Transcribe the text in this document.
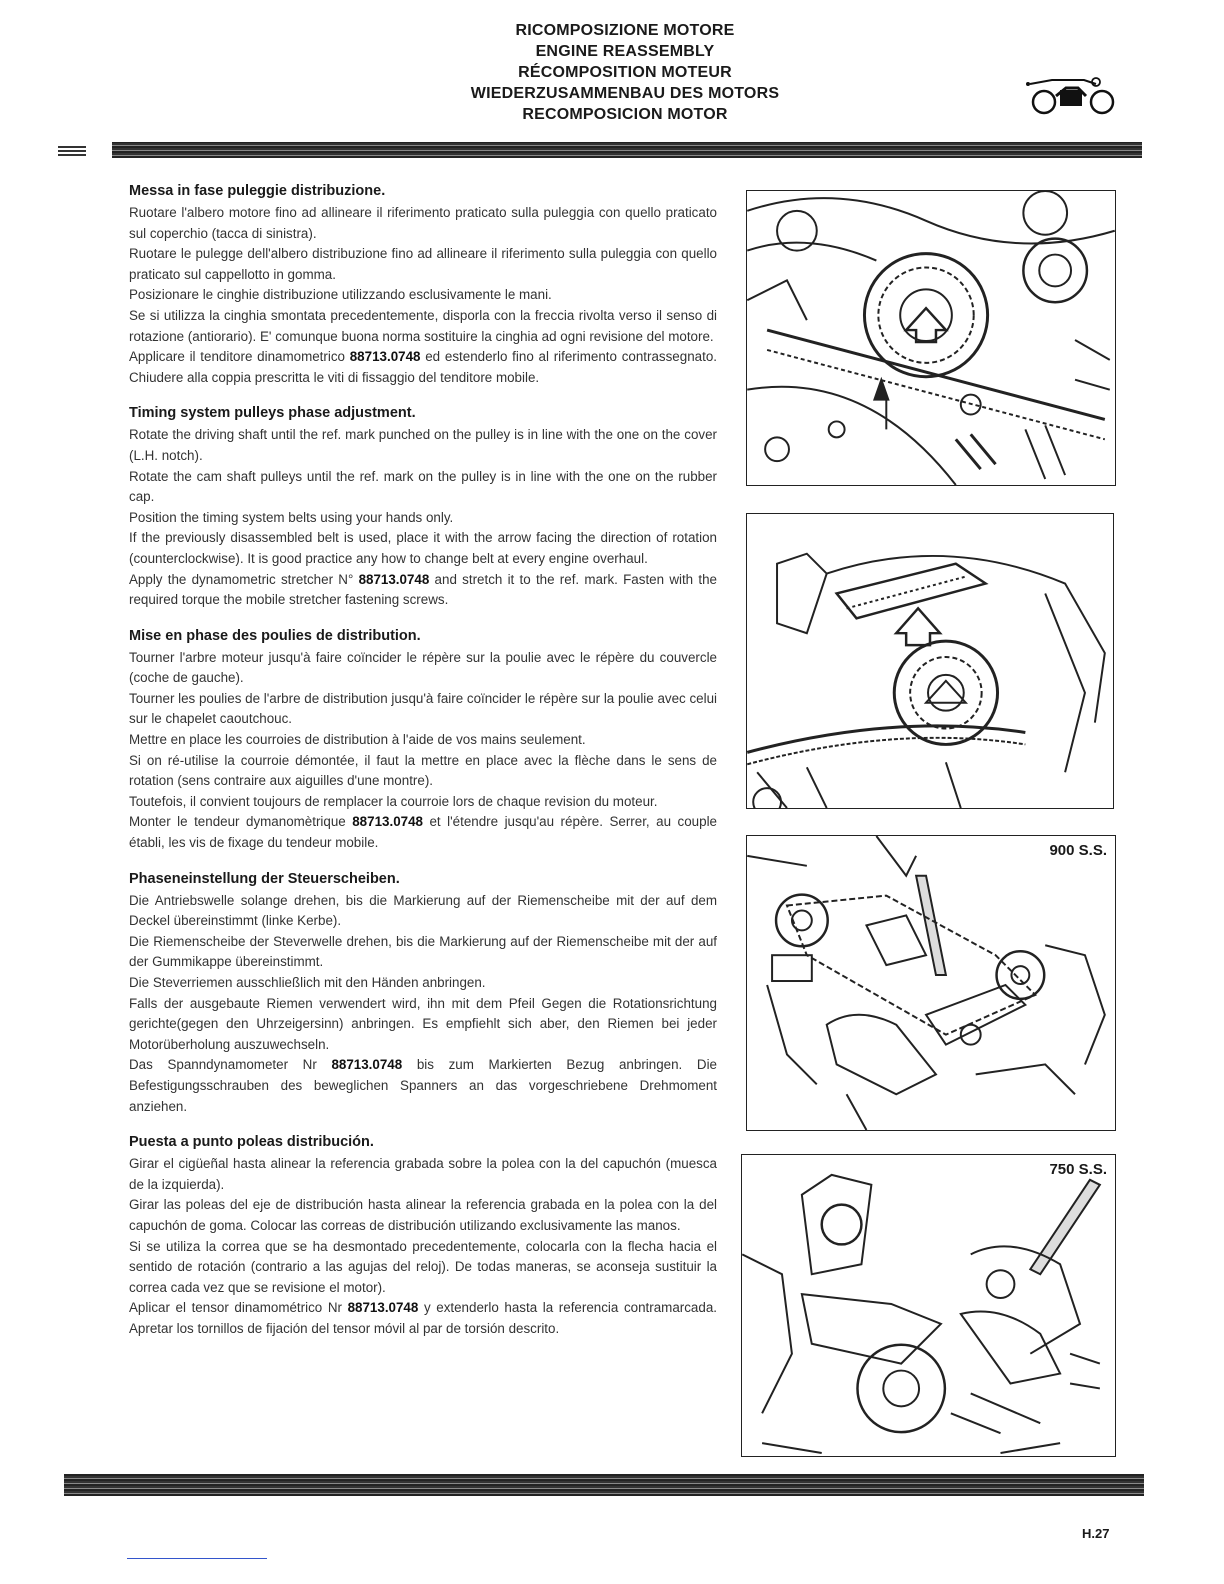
RICOMPOSIZIONE MOTORE
ENGINE REASSEMBLY
RÉCOMPOSITION MOTEUR
WIEDERZUSAMMENBAU DES MOTORS
RECOMPOSICION MOTOR
Messa in fase puleggie distribuzione.

Ruotare l'albero motore fino ad allineare il riferimento praticato sulla puleggia con quello praticato sul coperchio (tacca di sinistra).

Ruotare le pulegge dell'albero distribuzione fino ad allineare il riferimento sulla puleggia con quello praticato sul cappellotto in gomma.

Posizionare le cinghie distribuzione utilizzando esclusivamente le mani.

Se si utilizza la cinghia smontata precedentemente, disporla con la freccia rivolta verso il senso di rotazione (antiorario). E' comunque buona norma sostituire la cinghia ad ogni revisione del motore.

Applicare il tenditore dinamometrico 88713.0748 ed estenderlo fino al riferimento contrassegnato. Chiudere alla coppia prescritta le viti di fissaggio del tenditore mobile.

Timing system pulleys phase adjustment.

Rotate the driving shaft until the ref. mark punched on the pulley is in line with the one on the cover (L.H. notch).

Rotate the cam shaft pulleys until the ref. mark on the pulley is in line with the one on the rubber cap.

Position the timing system belts using your hands only.

If the previously disassembled belt is used, place it with the arrow facing the direction of rotation (counterclockwise). It is good practice any how to change belt at every engine overhaul.

Apply the dynamometric stretcher N° 88713.0748 and stretch it to the ref. mark. Fasten with the required torque the mobile stretcher fastening screws.

Mise en phase des poulies de distribution.

Tourner l'arbre moteur jusqu'à faire coïncider le répère sur la poulie avec le répère du couvercle (coche de gauche).

Tourner les poulies de l'arbre de distribution jusqu'à faire coïncider le répère sur la poulie avec celui sur le chapelet caoutchouc.

Mettre en place les courroies de distribution à l'aide de vos mains seulement.

Si on ré-utilise la courroie démontée, il faut la mettre en place avec la flèche dans le sens de rotation (sens contraire aux aiguilles d'une montre).

Toutefois, il convient toujours de remplacer la courroie lors de chaque revision du moteur.

Monter le tendeur dymanomètrique 88713.0748 et l'étendre jusqu'au répère. Serrer, au couple établi, les vis de fixage du tendeur mobile.

Phaseneinstellung der Steuerscheiben.

Die Antriebswelle solange drehen, bis die Markierung auf der Riemenscheibe mit der auf dem Deckel übereinstimmt (linke Kerbe).

Die Riemenscheibe der Steverwelle drehen, bis die Markierung auf der Riemenscheibe mit der auf der Gummikappe übereinstimmt.

Die Steverriemen ausschließlich mit den Händen anbringen.

Falls der ausgebaute Riemen verwendert wird, ihn mit dem Pfeil Gegen die Rotationsrichtung gerichte(gegen den Uhrzeigersinn) anbringen. Es empfiehlt sich aber, den Riemen bei jeder Motorüberholung auszuwechseln.

Das Spanndynamometer Nr 88713.0748 bis zum Markierten Bezug anbringen. Die Befestigungsschrauben des beweglichen Spanners an das vorgeschriebene Drehmoment anziehen.

Puesta a punto poleas distribución.

Girar el cigüeñal hasta alinear la referencia grabada sobre la polea con la del capuchón (muesca de la izquierda).

Girar las poleas del eje de distribución hasta alinear la referencia grabada en la polea con la del capuchón de goma. Colocar las correas de distribución utilizando exclusivamente las manos.

Si se utiliza la correa que se ha desmontado precedentemente, colocarla con la flecha hacia el sentido de rotación (contrario a las agujas del reloj). De todas maneras, se aconseja sustituir la correa cada vez que se revisione el motor).

Aplicar el tensor dinamométrico Nr 88713.0748 y extenderlo hasta la referencia contramarcada. Apretar los tornillos de fijación del tensor móvil al par de torsión descrito.

900 S.S.
750 S.S.
H.27
